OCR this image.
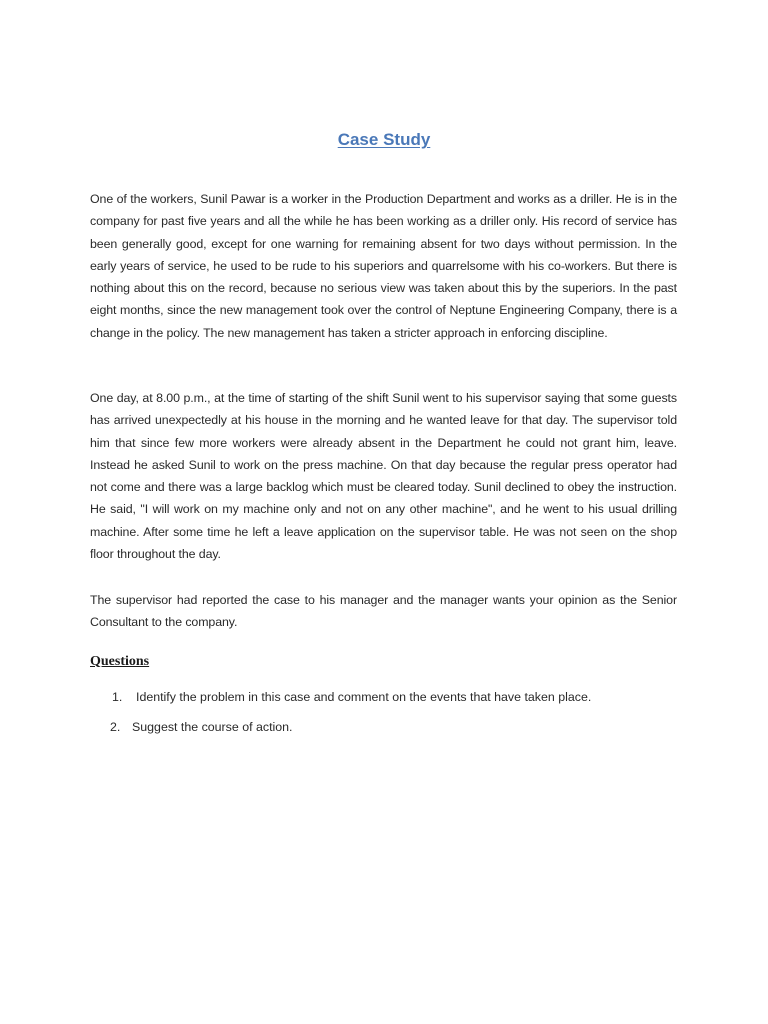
Case Study

One of the workers, Sunil Pawar is a worker in the Production Department and works as a driller. He is in the company for past five years and all the while he has been working as a driller only. His record of service has been generally good, except for one warning for remaining absent for two days without permission. In the early years of service, he used to be rude to his superiors and quarrelsome with his co-workers. But there is nothing about this on the record, because no serious view was taken about this by the superiors. In the past eight months, since the new management took over the control of Neptune Engineering Company, there is a change in the policy. The new management has taken a stricter approach in enforcing discipline.

One day, at 8.00 p.m., at the time of starting of the shift Sunil went to his supervisor saying that some guests has arrived unexpectedly at his house in the morning and he wanted leave for that day. The supervisor told him that since few more workers were already absent in the Department he could not grant him, leave. Instead he asked Sunil to work on the press machine. On that day because the regular press operator had not come and there was a large backlog which must be cleared today. Sunil declined to obey the instruction. He said, "I will work on my machine only and not on any other machine", and he went to his usual drilling machine. After some time he left a leave application on the supervisor table. He was not seen on the shop floor throughout the day.

The supervisor had reported the case to his manager and the manager wants your opinion as the Senior Consultant to the company.

Questions
1. Identify the problem in this case and comment on the events that have taken place.
2. Suggest the course of action.
